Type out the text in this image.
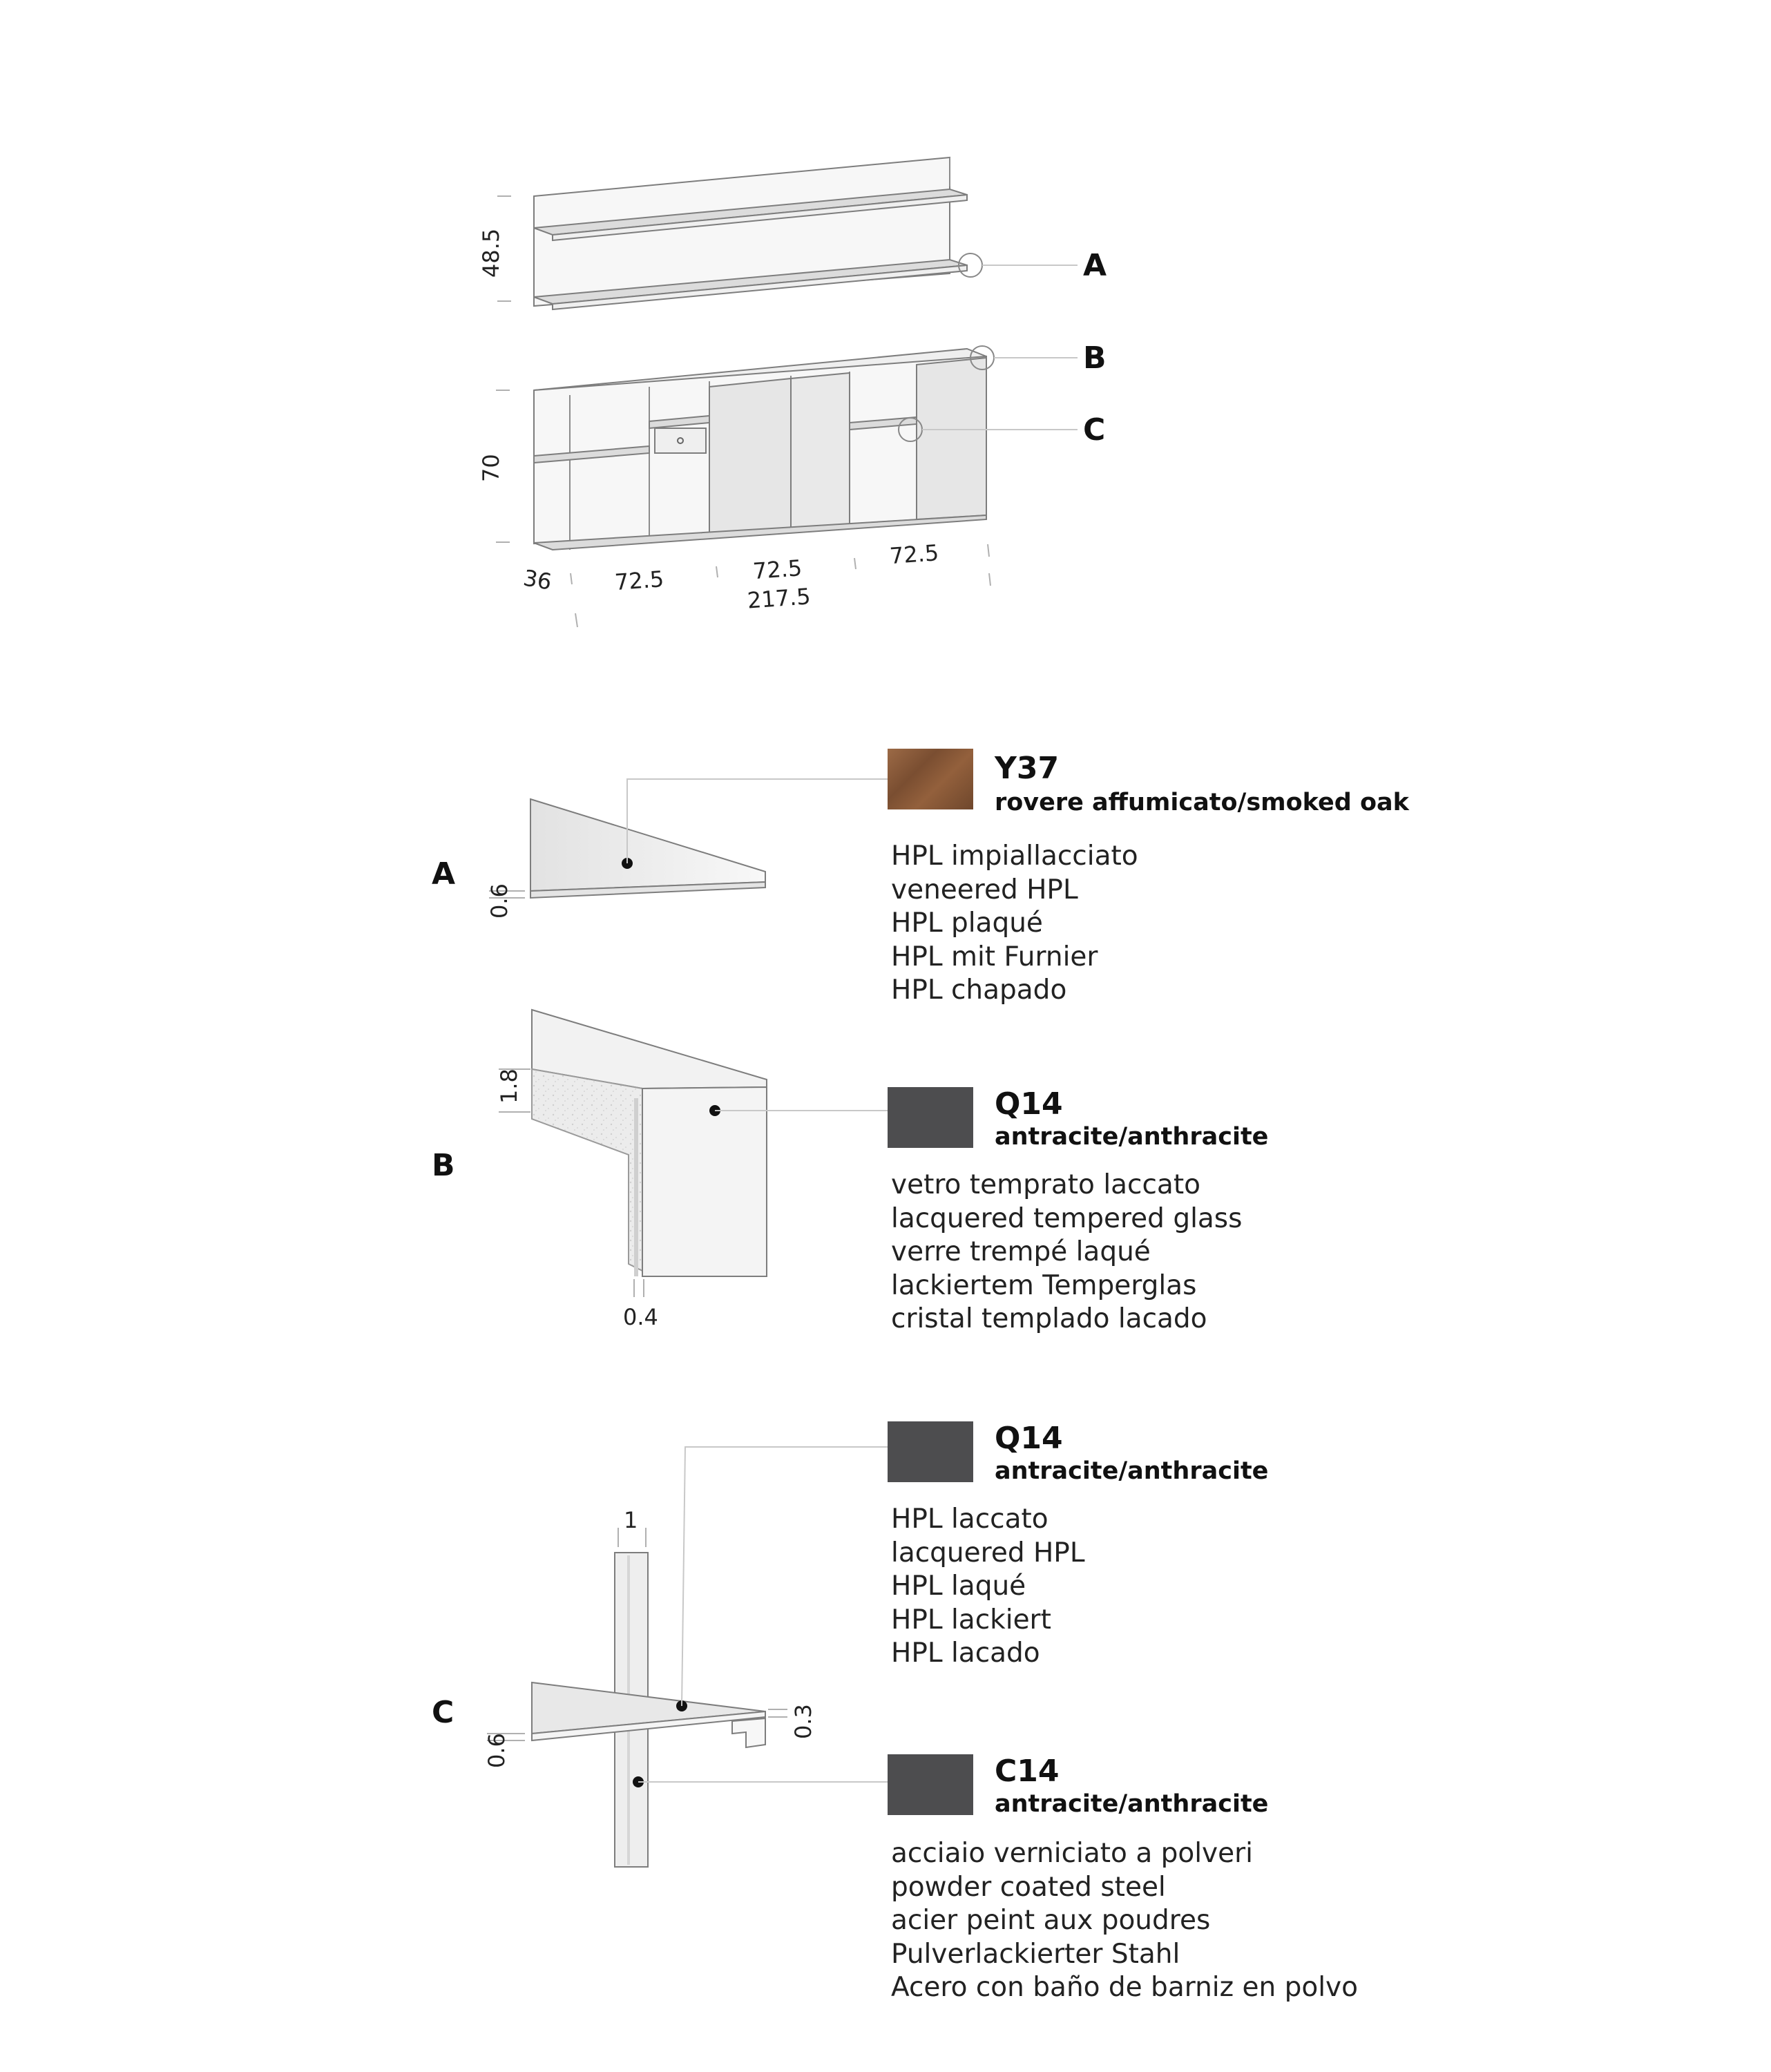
48.5
70
36	72.5	72.5
72.5
217.5
A
B
C
0.6
A
1.8
0.4
B
1
0.6
0.3
C
Y37
rovere affumicato/smoked oak
HPL impiallacciato
veneered HPL
HPL plaqué
HPL mit Furnier
HPL chapado
Q14
antracite/anthracite
vetro temprato laccato
lacquered tempered glass
verre trempé laqué
lackiertem Temperglas
cristal templado lacado
Q14
antracite/anthracite
HPL laccato
lacquered HPL
HPL laqué
HPL lackiert
HPL lacado
C14
antracite/anthracite
acciaio verniciato a polveri
powder coated steel
acier peint aux poudres
Pulverlackierter Stahl
Acero con baño de barniz en polvo
